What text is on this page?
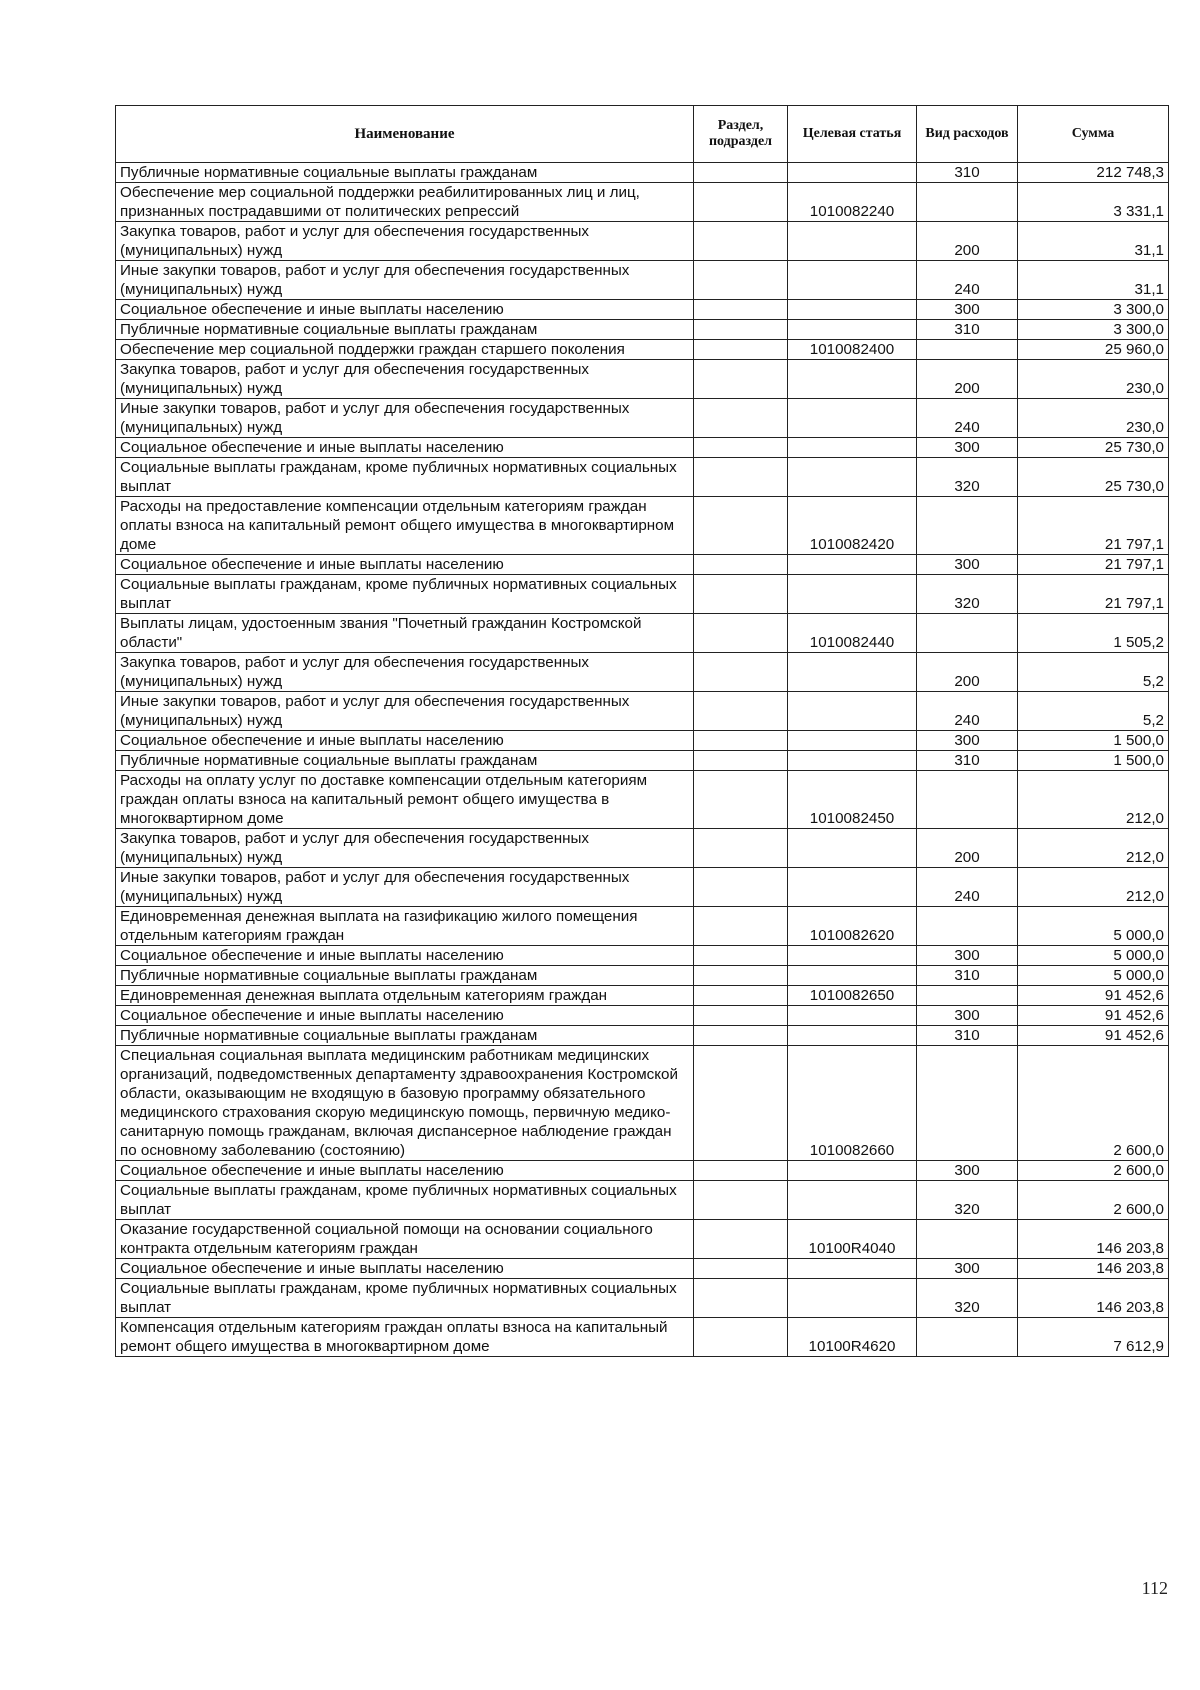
Наименование	Раздел, подраздел	Целевая статья	Вид расходов	Сумма
Публичные нормативные социальные выплаты гражданам			310	212 748,3
Обеспечение мер социальной поддержки реабилитированных лиц и лиц, признанных пострадавшими от политических репрессий		1010082240		3 331,1
Закупка товаров, работ и услуг для обеспечения государственных (муниципальных) нужд			200	31,1
Иные закупки товаров, работ и услуг для обеспечения государственных (муниципальных) нужд			240	31,1
Социальное обеспечение и иные выплаты населению			300	3 300,0
Публичные нормативные социальные выплаты гражданам			310	3 300,0
Обеспечение мер социальной поддержки граждан старшего поколения		1010082400		25 960,0
Закупка товаров, работ и услуг для обеспечения государственных (муниципальных) нужд			200	230,0
Иные закупки товаров, работ и услуг для обеспечения государственных (муниципальных) нужд			240	230,0
Социальное обеспечение и иные выплаты населению			300	25 730,0
Социальные выплаты гражданам, кроме публичных нормативных социальных выплат			320	25 730,0
Расходы на предоставление компенсации отдельным категориям граждан оплаты взноса на капитальный ремонт общего имущества в многоквартирном доме		1010082420		21 797,1
Социальное обеспечение и иные выплаты населению			300	21 797,1
Социальные выплаты гражданам, кроме публичных нормативных социальных выплат			320	21 797,1
Выплаты лицам, удостоенным звания "Почетный гражданин Костромской области"		1010082440		1 505,2
Закупка товаров, работ и услуг для обеспечения государственных (муниципальных) нужд			200	5,2
Иные закупки товаров, работ и услуг для обеспечения государственных (муниципальных) нужд			240	5,2
Социальное обеспечение и иные выплаты населению			300	1 500,0
Публичные нормативные социальные выплаты гражданам			310	1 500,0
Расходы на оплату услуг по доставке компенсации отдельным категориям граждан оплаты взноса на капитальный ремонт общего имущества в многоквартирном доме		1010082450		212,0
Закупка товаров, работ и услуг для обеспечения государственных (муниципальных) нужд			200	212,0
Иные закупки товаров, работ и услуг для обеспечения государственных (муниципальных) нужд			240	212,0
Единовременная денежная выплата на газификацию жилого помещения отдельным категориям граждан		1010082620		5 000,0
Социальное обеспечение и иные выплаты населению			300	5 000,0
Публичные нормативные социальные выплаты гражданам			310	5 000,0
Единовременная денежная выплата отдельным категориям граждан		1010082650		91 452,6
Социальное обеспечение и иные выплаты населению			300	91 452,6
Публичные нормативные социальные выплаты гражданам			310	91 452,6
Специальная социальная выплата медицинским работникам медицинских организаций, подведомственных департаменту здравоохранения Костромской области, оказывающим не входящую в базовую программу обязательного медицинского страхования скорую медицинскую помощь, первичную медико-санитарную помощь гражданам, включая диспансерное наблюдение граждан по основному заболеванию (состоянию)		1010082660		2 600,0
Социальное обеспечение и иные выплаты населению			300	2 600,0
Социальные выплаты гражданам, кроме публичных нормативных социальных выплат			320	2 600,0
Оказание государственной социальной помощи на основании социального контракта отдельным категориям граждан		10100R4040		146 203,8
Социальное обеспечение и иные выплаты населению			300	146 203,8
Социальные выплаты гражданам, кроме публичных нормативных социальных выплат			320	146 203,8
Компенсация отдельным категориям граждан оплаты взноса на капитальный ремонт общего имущества в многоквартирном доме		10100R4620		7 612,9
112
